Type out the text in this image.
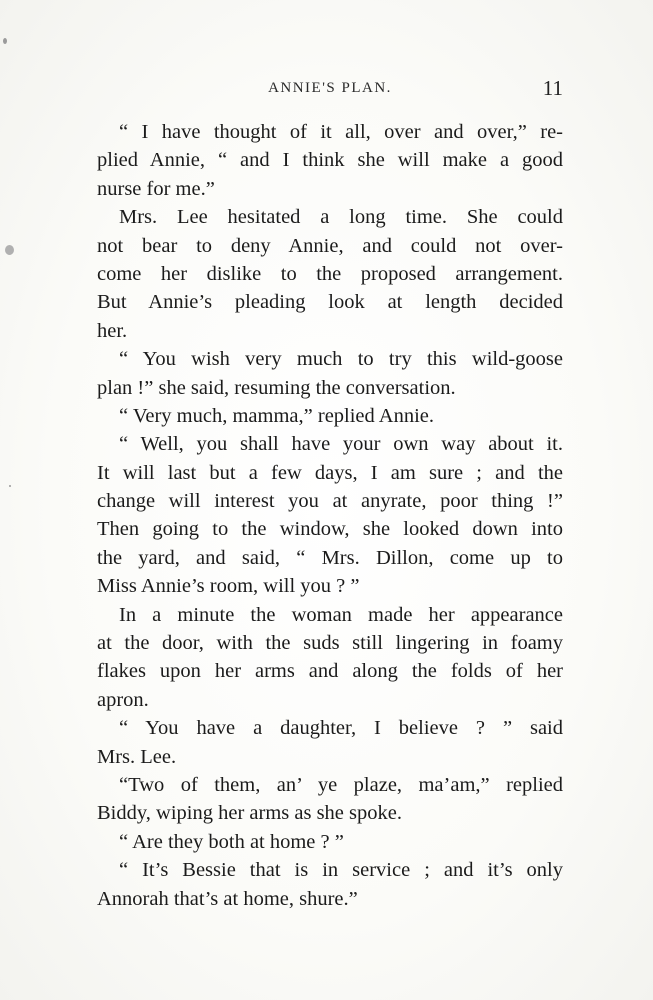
ANNIE'S PLAN.	11
“ I have thought of it all, over and over,” re-
plied Annie, “ and I think she will make a good
nurse for me.”
Mrs. Lee hesitated a long time. She could
not bear to deny Annie, and could not over-
come her dislike to the proposed arrangement.
But Annie’s pleading look at length decided
her.
“ You wish very much to try this wild-goose
plan !” she said, resuming the conversation.
“ Very much, mamma,” replied Annie.
“ Well, you shall have your own way about it.
It will last but a few days, I am sure ; and the
change will interest you at anyrate, poor thing !”
Then going to the window, she looked down into
the yard, and said, “ Mrs. Dillon, come up to
Miss Annie’s room, will you ? ”
In a minute the woman made her appearance
at the door, with the suds still lingering in foamy
flakes upon her arms and along the folds of her
apron.
“ You have a daughter, I believe ? ” said
Mrs. Lee.
“Two of them, an’ ye plaze, ma’am,” replied
Biddy, wiping her arms as she spoke.
“ Are they both at home ? ”
“ It’s Bessie that is in service ; and it’s only
Annorah that’s at home, shure.”
